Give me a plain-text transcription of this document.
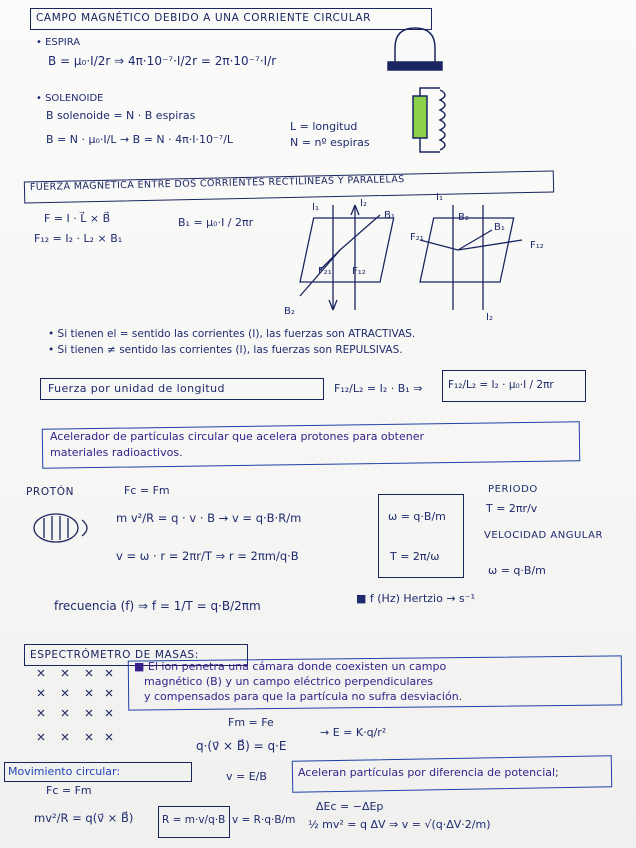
CAMPO MAGNÉTICO DEBIDO A UNA CORRIENTE CIRCULAR
• ESPIRA
B = μ₀·I/2r ⇒ 4π·10⁻⁷·I/2r = 2π·10⁻⁷·I/r
• SOLENOIDE
B solenoide = N · B espiras
B = N · μ₀·I/L → B = N · 4π·I·10⁻⁷/L
L = longitud
N = nº espiras
FUERZA MAGNÉTICA ENTRE DOS CORRIENTES RECTILÍNEAS Y PARALELAS
F = I · L⃗ × B⃗
F₁₂ = I₂ · L₂ × B₁
B₁ = μ₀·I / 2πr
I₁	I₂
B₁
F₂₁ F₁₂
B₂
I₁
B₂
B₁
F₂₁
F₁₂
I₂
• Si tienen el = sentido las corrientes (I), las fuerzas son ATRACTIVAS.
• Si tienen ≠ sentido las corrientes (I), las fuerzas son REPULSIVAS.
Fuerza por unidad de longitud	F₁₂/L₂ = I₂ · B₁ ⇒ F₁₂/L₂ = I₂ · μ₀·I / 2πr
Acelerador de partículas circular que acelera protones para obtener
materiales radioactivos.
PROTÓN	Fc = Fm
m v²/R = q · v · B → v = q·B·R/m
v = ω · r = 2πr/T ⇒ r = 2πm/q·B
ω = q·B/m
T = 2π/ω
PERIODO
T = 2πr/v
VELOCIDAD ANGULAR
ω = q·B/m
frecuencia (f) ⇒ f = 1/T = q·B/2πm
■ f (Hz) Hertzio → s⁻¹
ESPECTRÓMETRO DE MASAS:
■ El ion penetra una cámara donde coexisten un campo
magnético (B) y un campo eléctrico perpendiculares
y compensados para que la partícula no sufra desviación.
Fm = Fe
q·(v⃗ × B⃗) = q·E
→ E = K·q/r²
v = E/B
Movimiento circular:
Fc = Fm
Aceleran partículas por diferencia de potencial;
mv²/R = q(v⃗ × B⃗)	R = m·v/q·B v = R·q·B/m
ΔEc = −ΔEp
½ mv² = q ΔV ⇒ v = √(q·ΔV·2/m)
